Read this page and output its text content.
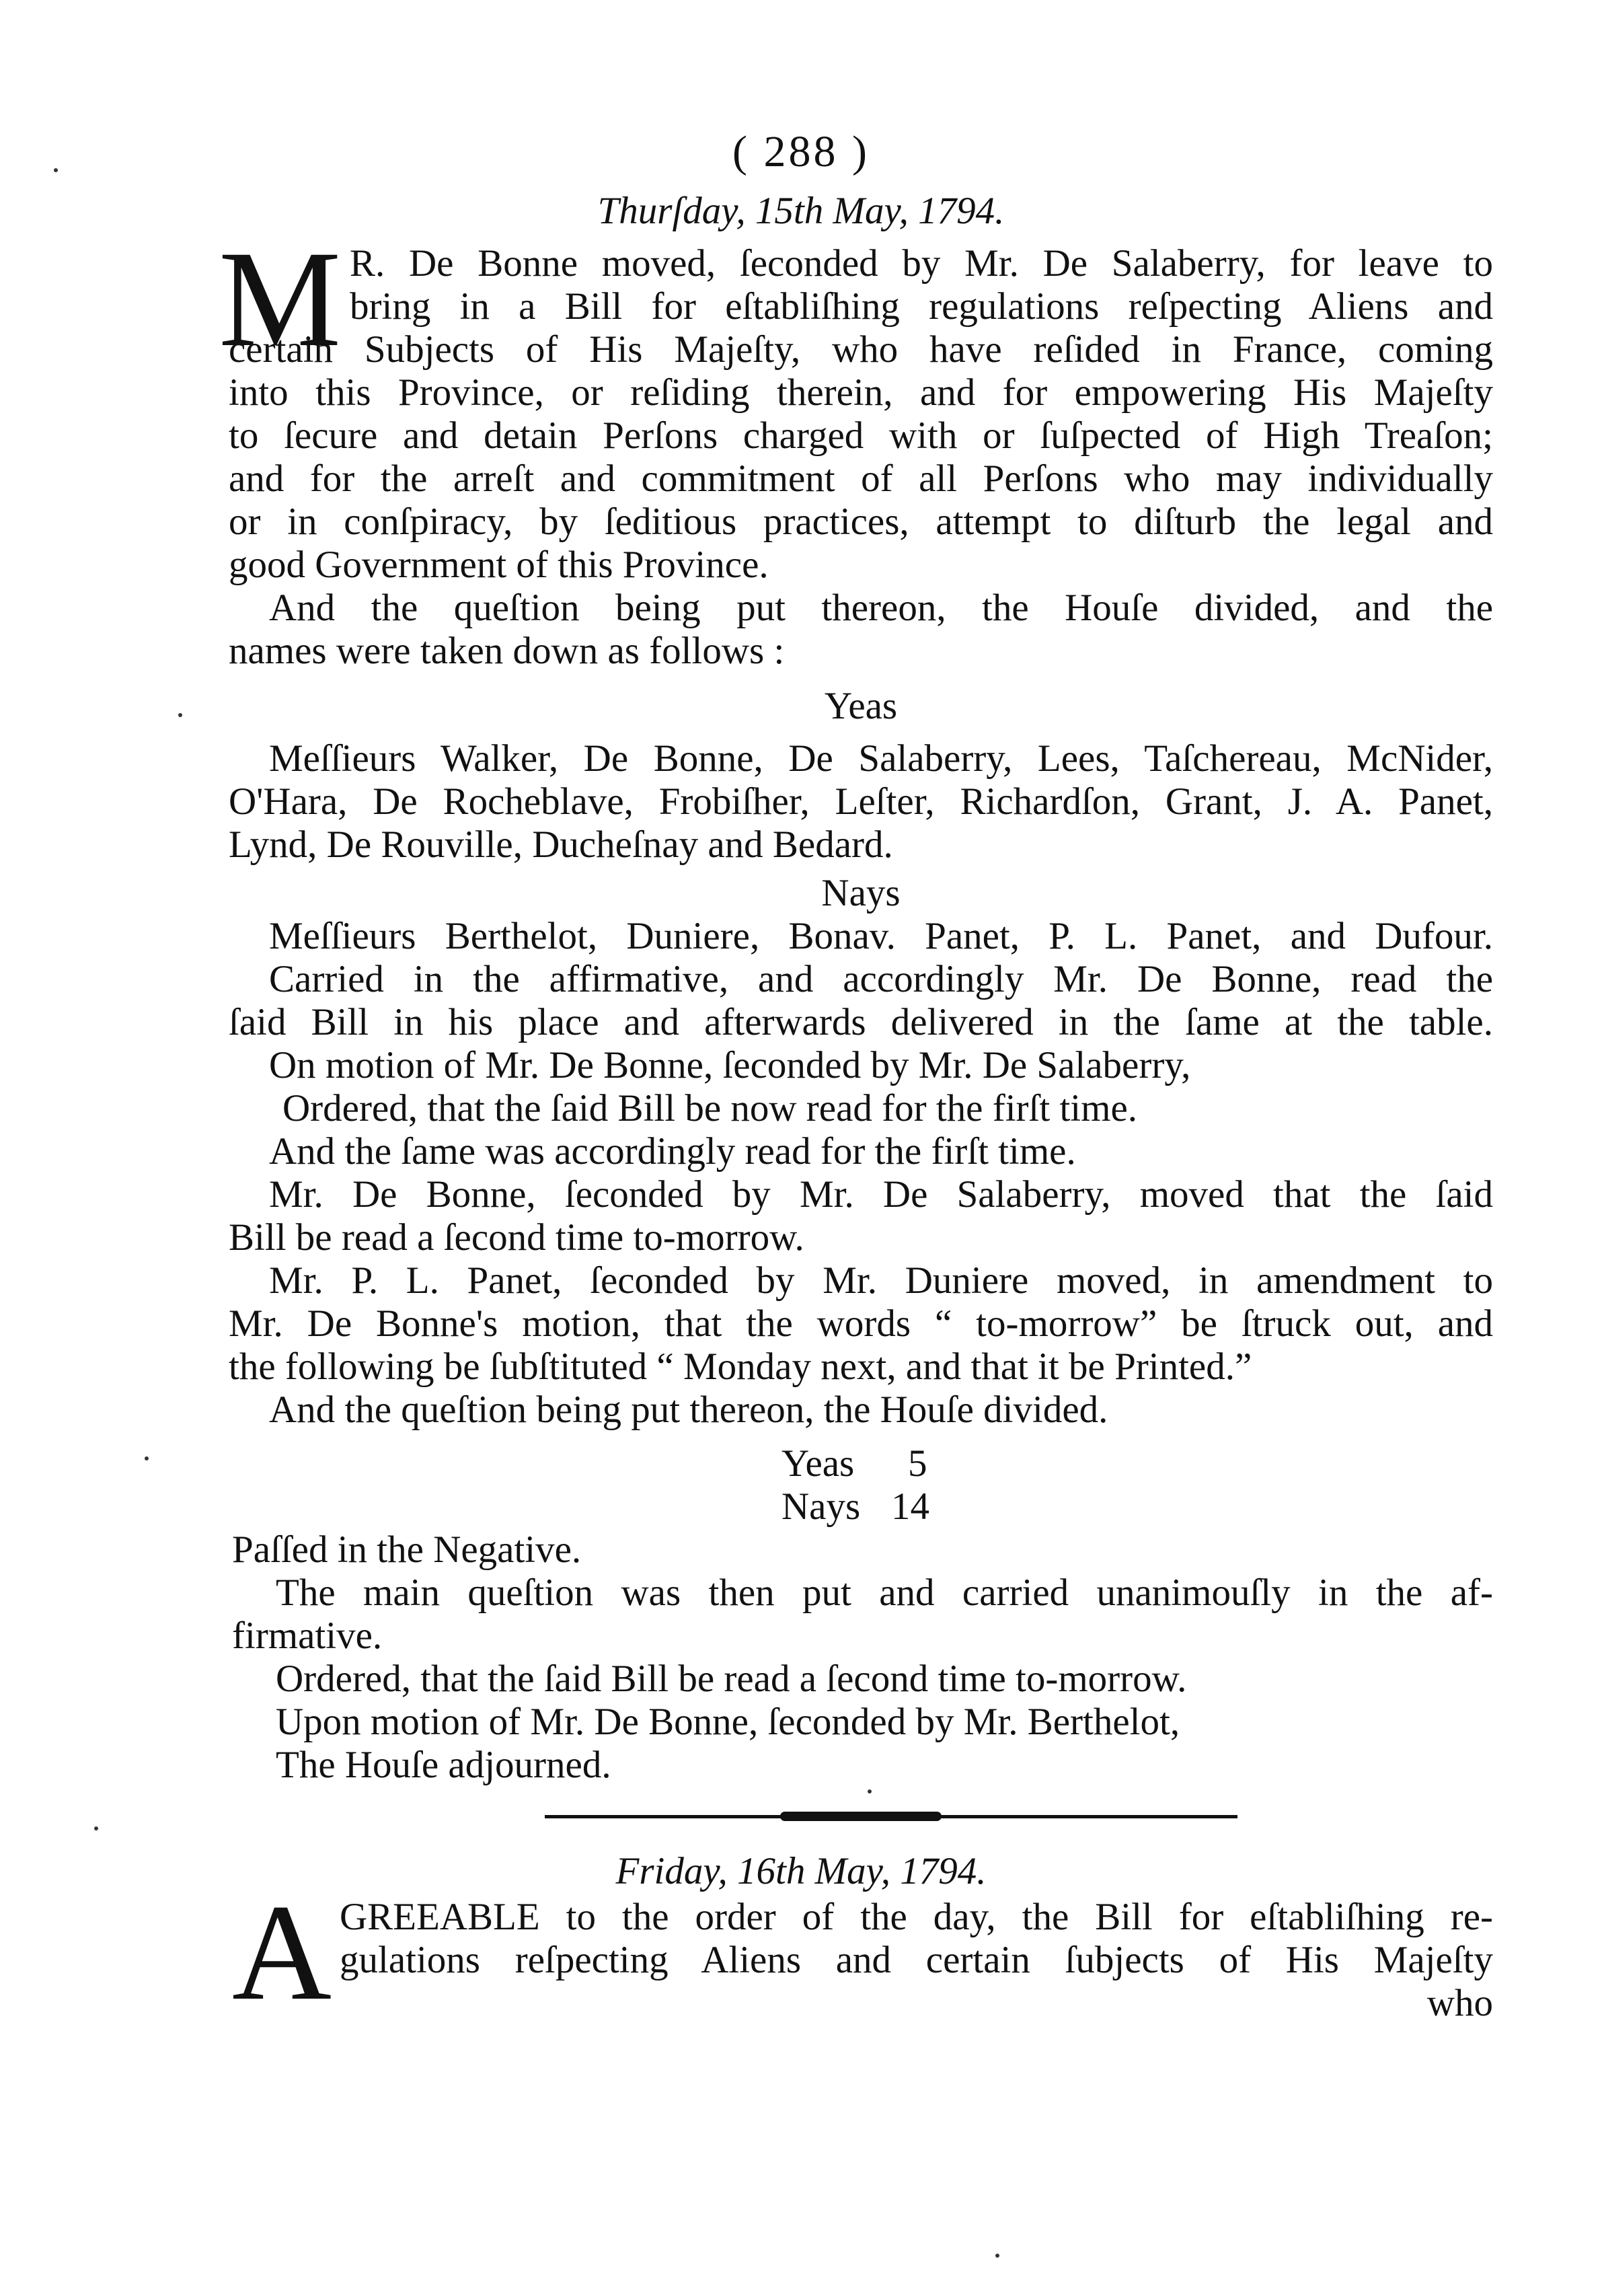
( 288 )
Thurſday, 15th May, 1794.
M R. De Bonne moved, ſeconded by Mr. De Salaberry, for leave to
bring in a Bill for eſtabliſhing regulations reſpecting Aliens and
certain Subjects of His Majeſty, who have reſided in France, coming
into this Province, or reſiding therein, and for empowering His Majeſty
to ſecure and detain Perſons charged with or ſuſpected of High Treaſon;
and for the arreſt and commitment of all Perſons who may individually
or in conſpiracy, by ſeditious practices, attempt to diſturb the legal and
good Government of this Province.
And the queſtion being put thereon, the Houſe divided, and the
names were taken down as follows :
Yeas
Meſſieurs Walker, De Bonne, De Salaberry, Lees, Taſchereau, McNider,
O'Hara, De Rocheblave, Frobiſher, Leſter, Richardſon, Grant, J. A. Panet,
Lynd, De Rouville, Ducheſnay and Bedard.
Nays
Meſſieurs Berthelot, Duniere, Bonav. Panet, P. L. Panet, and Dufour.
Carried in the affirmative, and accordingly Mr. De Bonne, read the
ſaid Bill in his place and afterwards delivered in the ſame at the table.
On motion of Mr. De Bonne, ſeconded by Mr. De Salaberry,
Ordered, that the ſaid Bill be now read for the firſt time.
And the ſame was accordingly read for the firſt time.
Mr. De Bonne, ſeconded by Mr. De Salaberry, moved that the ſaid
Bill be read a ſecond time to-morrow.
Mr. P. L. Panet, ſeconded by Mr. Duniere moved, in amendment to
Mr. De Bonne's motion, that the words “ to-morrow” be ſtruck out, and
the following be ſubſtituted “ Monday next, and that it be Printed.”
And the queſtion being put thereon, the Houſe divided.
Yeas	5
Nays 14
Paſſed in the Negative.
The main queſtion was then put and carried unanimouſly in the af-
firmative.
Ordered, that the ſaid Bill be read a ſecond time to-morrow.
Upon motion of Mr. De Bonne, ſeconded by Mr. Berthelot,
The Houſe adjourned.
Friday, 16th May, 1794.
A GREEABLE to the order of the day, the Bill for eſtabliſhing re-
gulations reſpecting Aliens and certain ſubjects of His Majeſty
who
